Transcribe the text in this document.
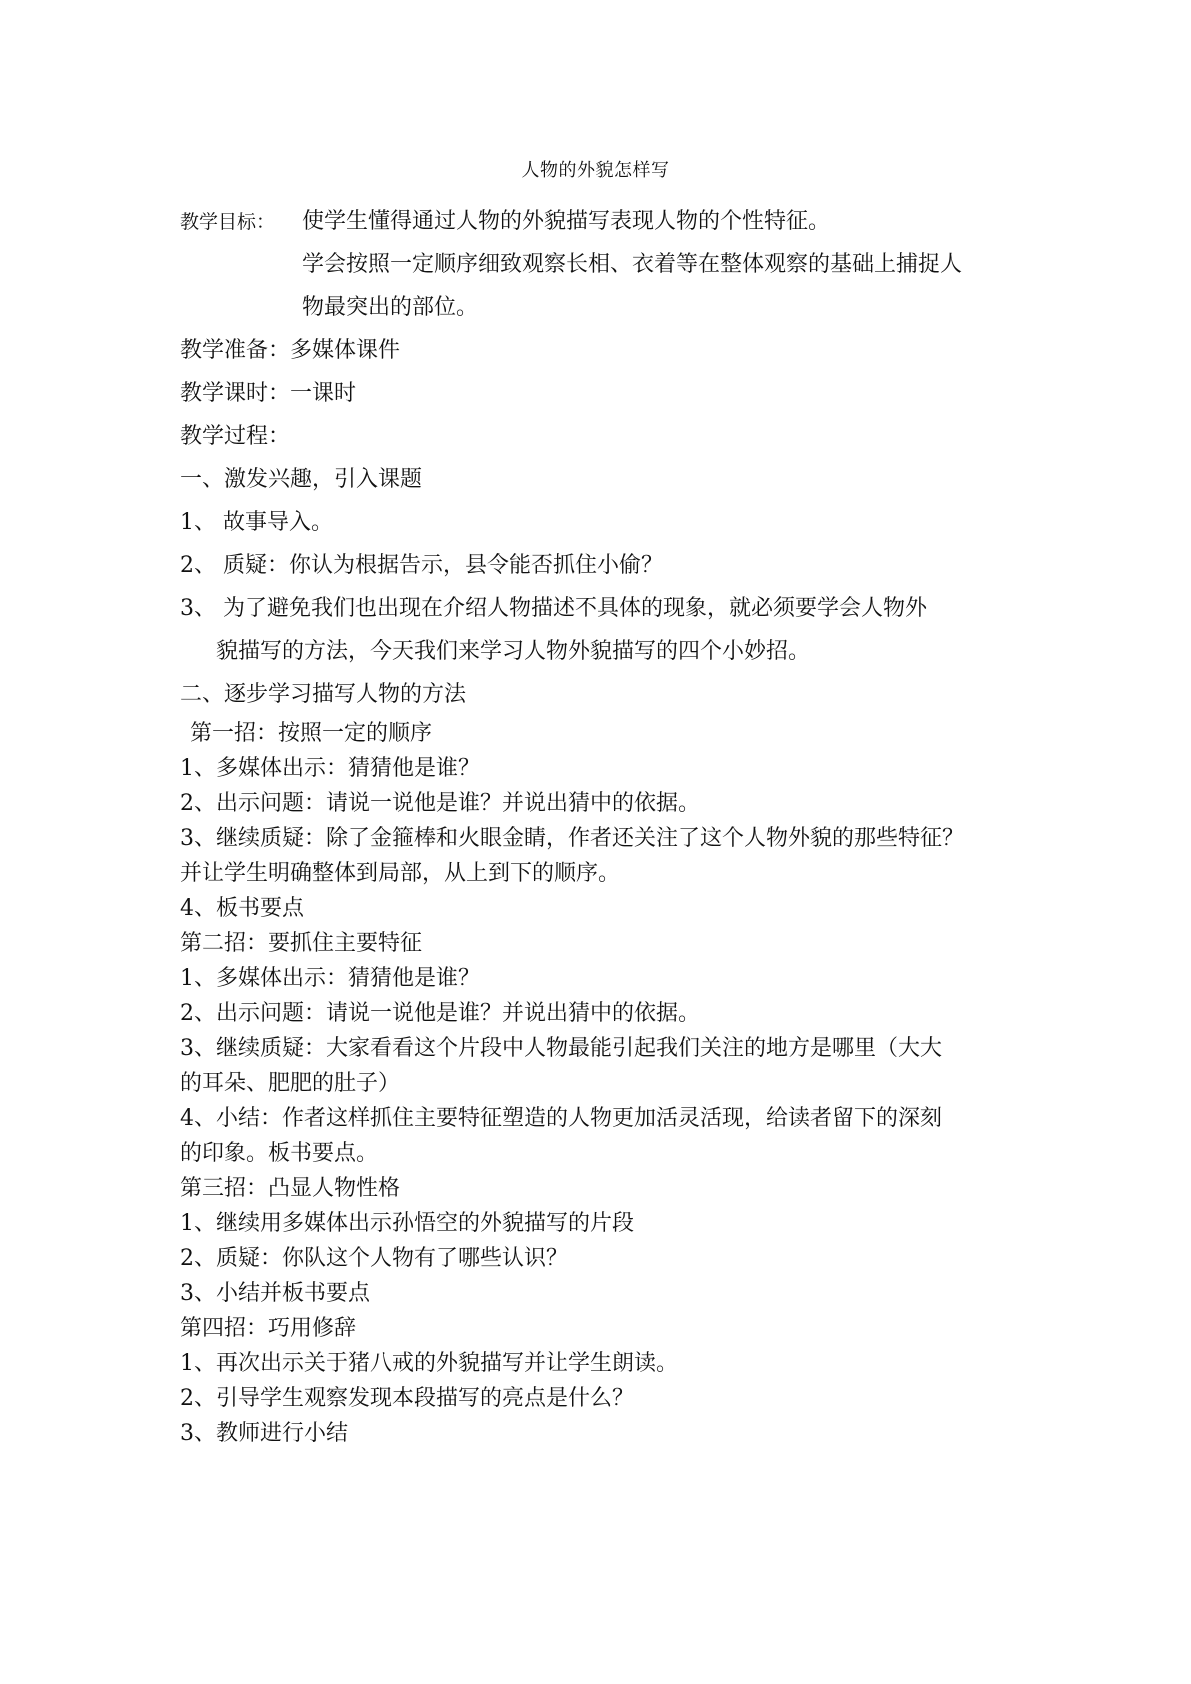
人物的外貌怎样写
教学目标： 使学生懂得通过人物的外貌描写表现人物的个性特征。
学会按照一定顺序细致观察长相、衣着等在整体观察的基础上捕捉人
物最突出的部位。
教学准备：多媒体课件
教学课时：一课时
教学过程：
一、激发兴趣，引入课题
1、 故事导入。
2、 质疑：你认为根据告示，县令能否抓住小偷？
3、 为了避免我们也出现在介绍人物描述不具体的现象，就必须要学会人物外
貌描写的方法，今天我们来学习人物外貌描写的四个小妙招。
二、逐步学习描写人物的方法
第一招：按照一定的顺序
1、多媒体出示：猜猜他是谁？
2、出示问题：请说一说他是谁？并说出猜中的依据。
3、继续质疑：除了金箍棒和火眼金睛，作者还关注了这个人物外貌的那些特征？
并让学生明确整体到局部，从上到下的顺序。
4、板书要点
第二招：要抓住主要特征
1、多媒体出示：猜猜他是谁？
2、出示问题：请说一说他是谁？并说出猜中的依据。
3、继续质疑：大家看看这个片段中人物最能引起我们关注的地方是哪里（大大
的耳朵、肥肥的肚子）
4、小结：作者这样抓住主要特征塑造的人物更加活灵活现，给读者留下的深刻
的印象。板书要点。
第三招：凸显人物性格
1、继续用多媒体出示孙悟空的外貌描写的片段
2、质疑：你队这个人物有了哪些认识？
3、小结并板书要点
第四招：巧用修辞
1、再次出示关于猪八戒的外貌描写并让学生朗读。
2、引导学生观察发现本段描写的亮点是什么？
3、教师进行小结
